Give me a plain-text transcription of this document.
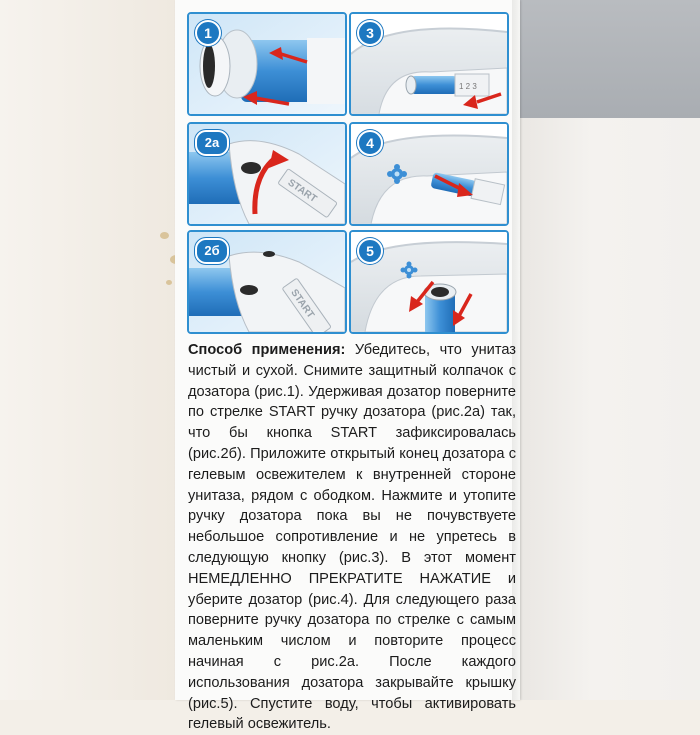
1
1 2 3
3
START
2а	4
START
2б	5
Способ применения: Убедитесь, что унитаз чистый и сухой. Снимите защитный колпачок с дозатора (рис.1). Удерживая дозатор поверните по стрелке START ручку дозатора (рис.2а) так, что бы кнопка START зафиксировалась (рис.2б). Приложите открытый конец дозатора с гелевым освежителем к внутренней стороне унитаза, рядом с ободком. Нажмите и утопите ручку дозатора пока вы не почувствуете небольшое сопротивление и не упретесь в следующую кнопку (рис.3). В этот момент НЕМЕДЛЕННО ПРЕКРАТИТЕ НАЖАТИЕ и уберите дозатор (рис.4). Для следующего раза поверните ручку дозатора по стрелке с самым маленьким числом и повторите процесс начиная с рис.2а. После каждого использования дозатора закрывайте крышку (рис.5). Спустите воду, чтобы активировать гелевый освежитель.
